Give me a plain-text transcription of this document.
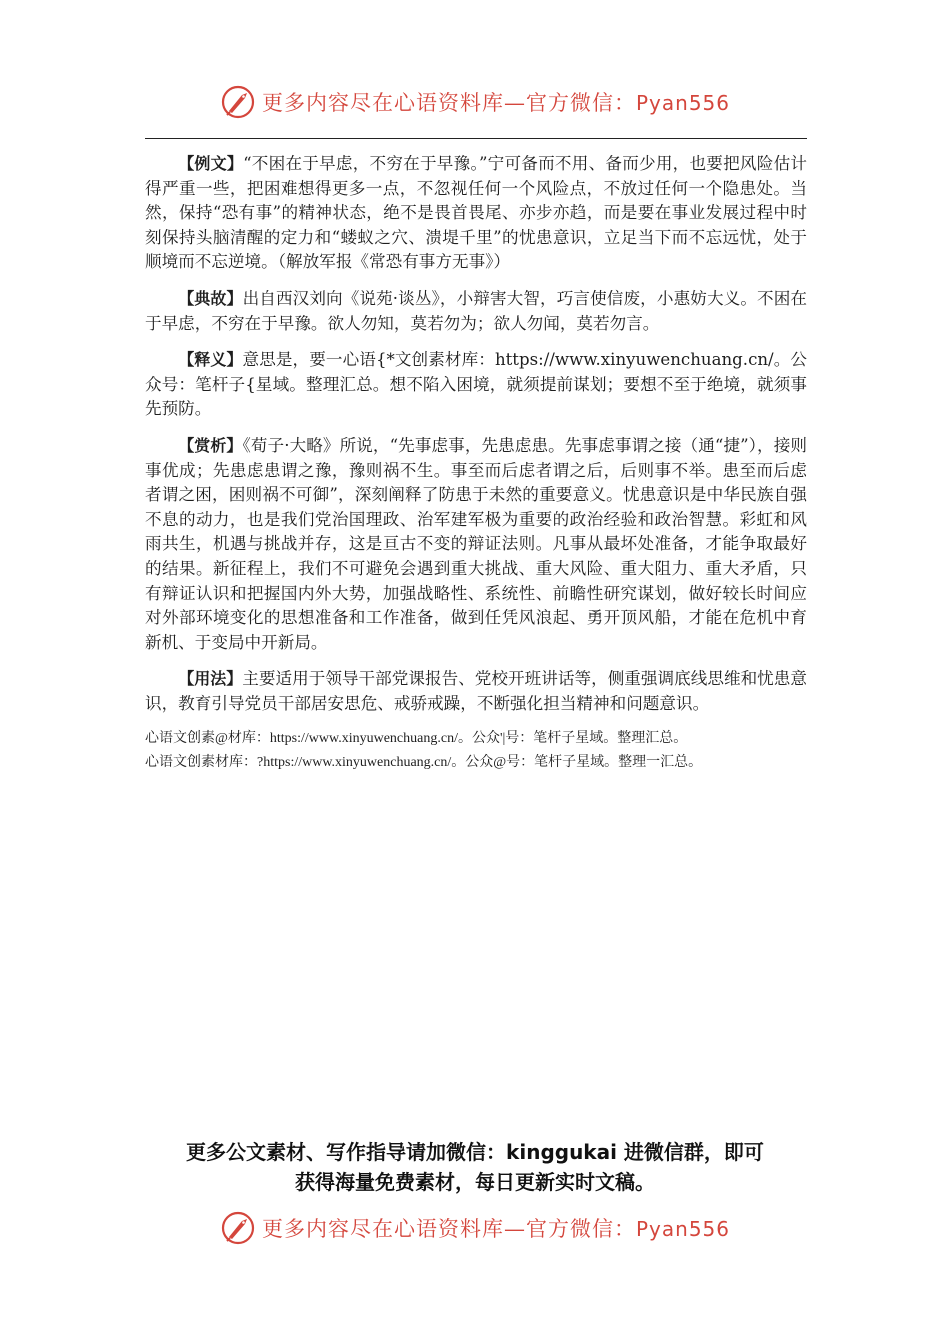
更多内容尽在心语资料库—官方微信：Pyan556

【例文】“不困在于早虑，不穷在于早豫。”宁可备而不用、备而少用，也要把风险估计得严重一些，把困难想得更多一点，不忽视任何一个风险点，不放过任何一个隐患处。当然，保持“恐有事”的精神状态，绝不是畏首畏尾、亦步亦趋，而是要在事业发展过程中时刻保持头脑清醒的定力和“蝼蚁之穴、溃堤千里”的忧患意识，立足当下而不忘远忧，处于顺境而不忘逆境。（解放军报《常恐有事方无事》）

【典故】出自西汉刘向《说苑·谈丛》，小辩害大智，巧言使信废，小惠妨大义。不困在于早虑，不穷在于早豫。欲人勿知，莫若勿为；欲人勿闻，莫若勿言。

【释义】意思是，要一心语{*文创素材库：https://www.xinyuwenchuang.cn/。公众号：笔杆子{星域。整理汇总。想不陷入困境，就须提前谋划；要想不至于绝境，就须事先预防。

【赏析】《荀子·大略》所说，“先事虑事，先患虑患。先事虑事谓之接（通“捷”），接则事优成；先患虑患谓之豫，豫则祸不生。事至而后虑者谓之后，后则事不举。患至而后虑者谓之困，困则祸不可御”，深刻阐释了防患于未然的重要意义。忧患意识是中华民族自强不息的动力，也是我们党治国理政、治军建军极为重要的政治经验和政治智慧。彩虹和风雨共生，机遇与挑战并存，这是亘古不变的辩证法则。凡事从最坏处准备，才能争取最好的结果。新征程上，我们不可避免会遇到重大挑战、重大风险、重大阻力、重大矛盾，只有辩证认识和把握国内外大势，加强战略性、系统性、前瞻性研究谋划，做好较长时间应对外部环境变化的思想准备和工作准备，做到任凭风浪起、勇开顶风船，才能在危机中育新机、于变局中开新局。

【用法】主要适用于领导干部党课报告、党校开班讲话等，侧重强调底线思维和忧患意识，教育引导党员干部居安思危、戒骄戒躁，不断强化担当精神和问题意识。

心语文创素@材库：https://www.xinyuwenchuang.cn/。公众'|号：笔杆子星域。整理汇总。
心语文创素材库：?https://www.xinyuwenchuang.cn/。公众@号：笔杆子星域。整理一汇总。
更多公文素材、写作指导请加微信：kinggukai 进微信群，即可
获得海量免费素材，每日更新实时文稿。
更多内容尽在心语资料库—官方微信：Pyan556
